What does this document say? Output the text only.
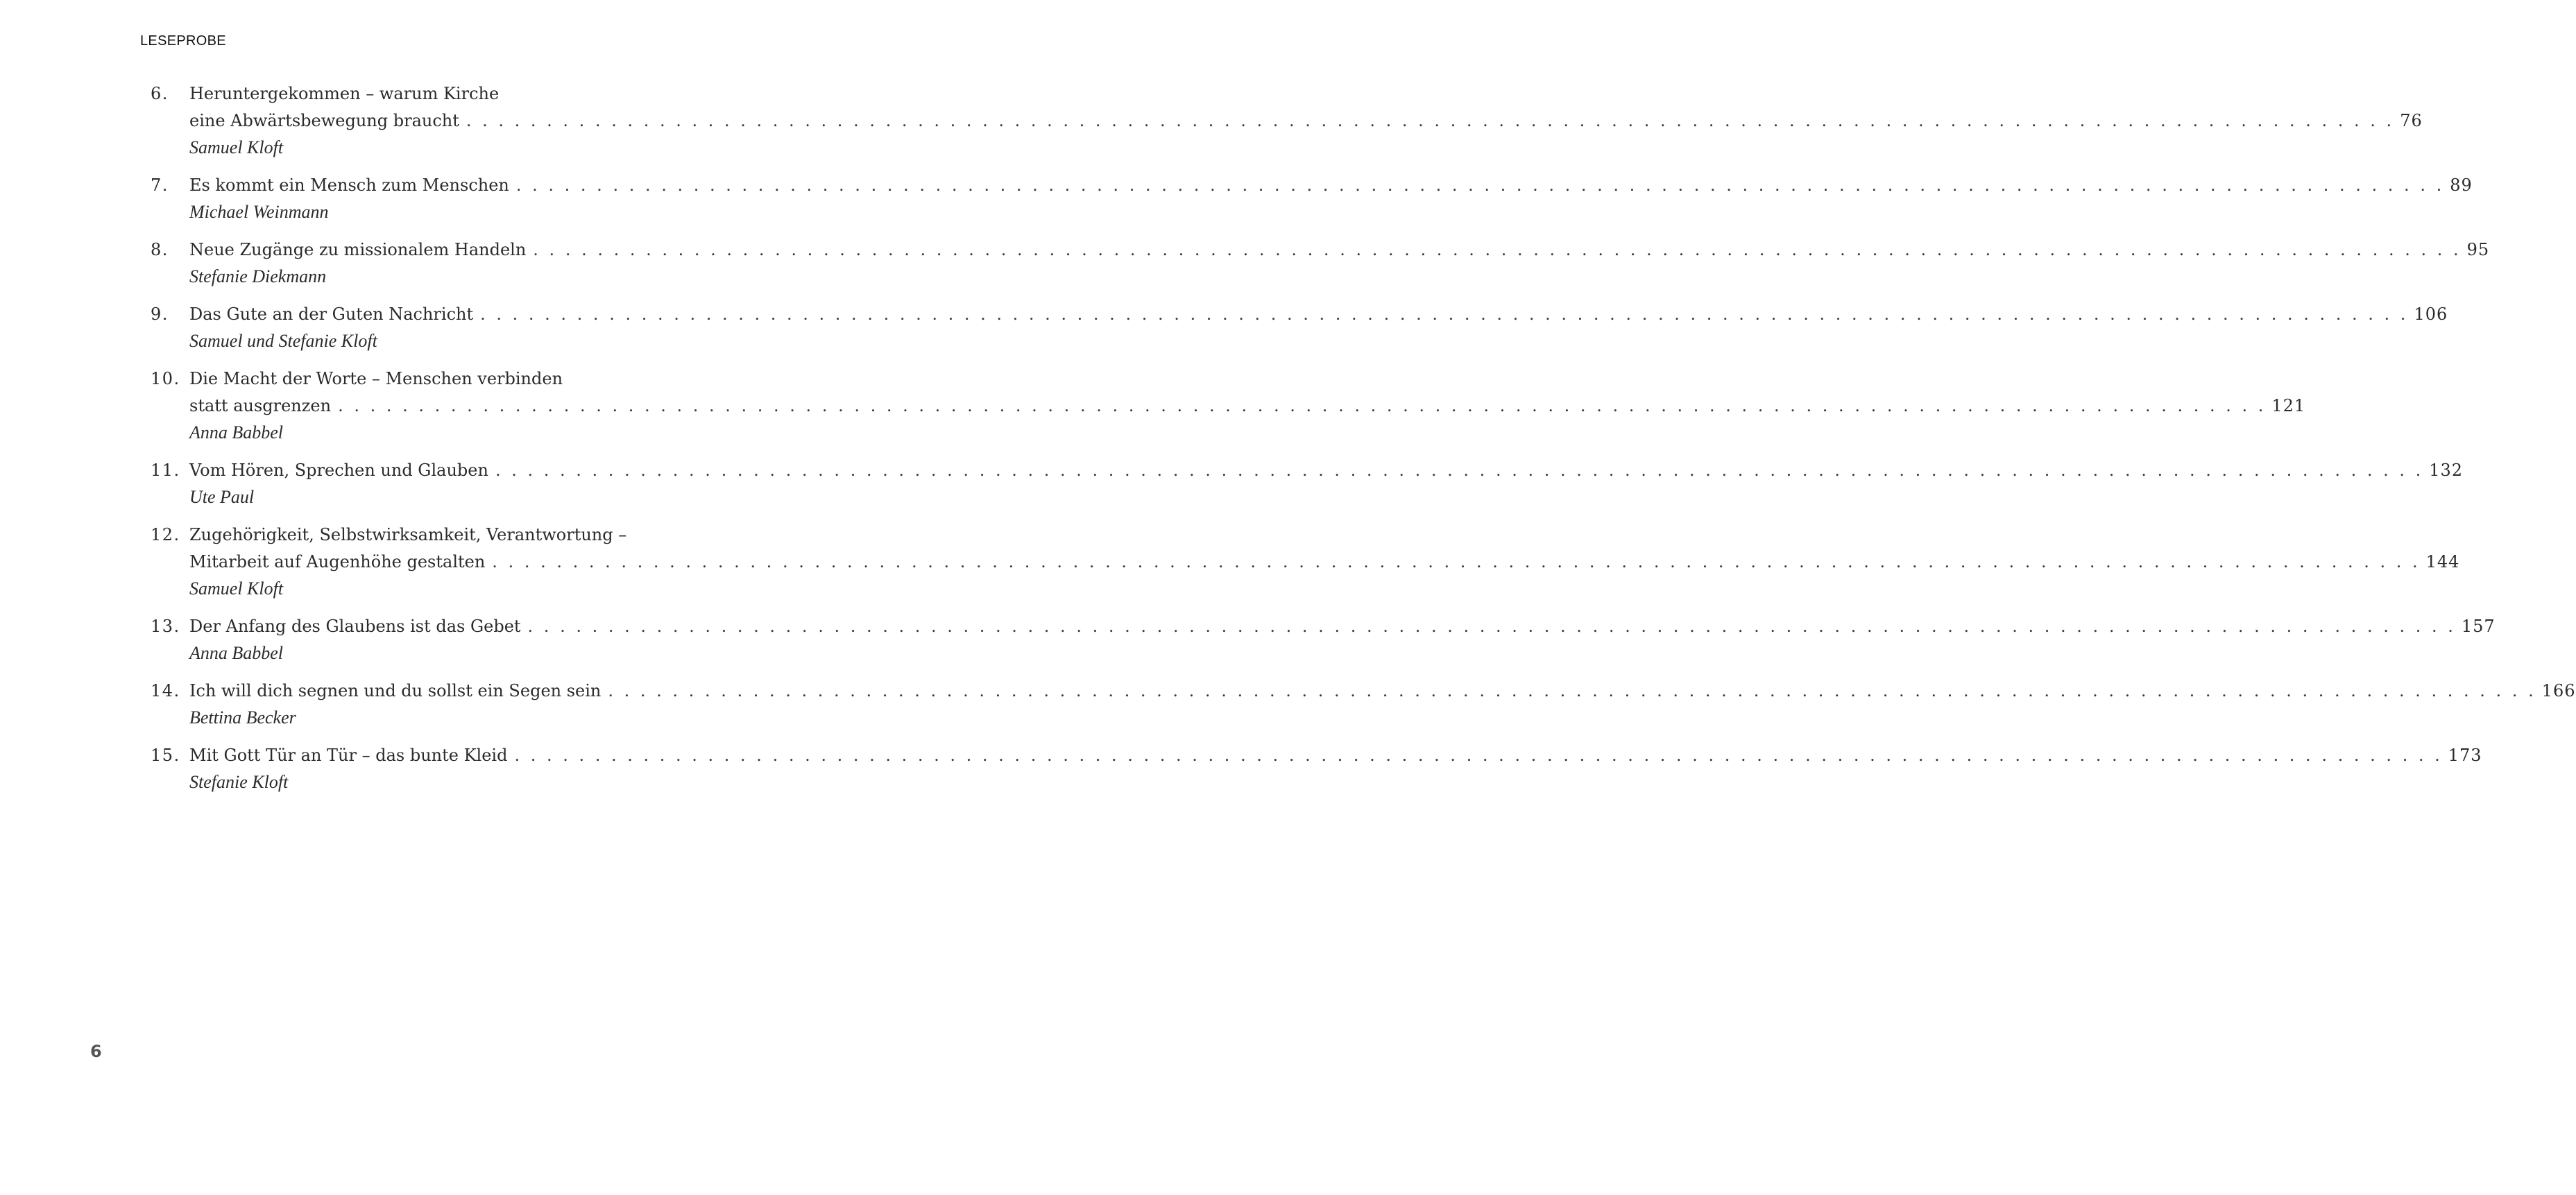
LESEPROBE
6.	Heruntergekommen – warum Kirche
eine Abwärtsbewegung braucht . . . . . . . . . . . . . . . . . . . . . . . . . . . . . . . . . . . . . . . . . . . . . . . . . . . . . . . . . . . . . . . . . . . . . . . . . . . . . . . . . . . . . . . . . . . . . . . . . . . . . . . . . . . . . . . . . . . . . . . . 76
Samuel Kloft
7.	Es kommt ein Mensch zum Menschen . . . . . . . . . . . . . . . . . . . . . . . . . . . . . . . . . . . . . . . . . . . . . . . . . . . . . . . . . . . . . . . . . . . . . . . . . . . . . . . . . . . . . . . . . . . . . . . . . . . . . . . . . . . . . . . . . . . . . . . . 89
Michael Weinmann
8.	Neue Zugänge zu missionalem Handeln . . . . . . . . . . . . . . . . . . . . . . . . . . . . . . . . . . . . . . . . . . . . . . . . . . . . . . . . . . . . . . . . . . . . . . . . . . . . . . . . . . . . . . . . . . . . . . . . . . . . . . . . . . . . . . . . . . . . . . . . 95
Stefanie Diekmann
9.	Das Gute an der Guten Nachricht . . . . . . . . . . . . . . . . . . . . . . . . . . . . . . . . . . . . . . . . . . . . . . . . . . . . . . . . . . . . . . . . . . . . . . . . . . . . . . . . . . . . . . . . . . . . . . . . . . . . . . . . . . . . . . . . . . . . . . . . 106
Samuel und Stefanie Kloft
10. Die Macht der Worte – Menschen verbinden
statt ausgrenzen . . . . . . . . . . . . . . . . . . . . . . . . . . . . . . . . . . . . . . . . . . . . . . . . . . . . . . . . . . . . . . . . . . . . . . . . . . . . . . . . . . . . . . . . . . . . . . . . . . . . . . . . . . . . . . . . . . . . . . . . 121
Anna Babbel
11. Vom Hören, Sprechen und Glauben . . . . . . . . . . . . . . . . . . . . . . . . . . . . . . . . . . . . . . . . . . . . . . . . . . . . . . . . . . . . . . . . . . . . . . . . . . . . . . . . . . . . . . . . . . . . . . . . . . . . . . . . . . . . . . . . . . . . . . . . 132
Ute Paul
12. Zugehörigkeit, Selbstwirksamkeit, Verantwortung –
Mitarbeit auf Augenhöhe gestalten . . . . . . . . . . . . . . . . . . . . . . . . . . . . . . . . . . . . . . . . . . . . . . . . . . . . . . . . . . . . . . . . . . . . . . . . . . . . . . . . . . . . . . . . . . . . . . . . . . . . . . . . . . . . . . . . . . . . . . . . 144
Samuel Kloft
13. Der Anfang des Glaubens ist das Gebet . . . . . . . . . . . . . . . . . . . . . . . . . . . . . . . . . . . . . . . . . . . . . . . . . . . . . . . . . . . . . . . . . . . . . . . . . . . . . . . . . . . . . . . . . . . . . . . . . . . . . . . . . . . . . . . . . . . . . . . . 157
Anna Babbel
14. Ich will dich segnen und du sollst ein Segen sein . . . . . . . . . . . . . . . . . . . . . . . . . . . . . . . . . . . . . . . . . . . . . . . . . . . . . . . . . . . . . . . . . . . . . . . . . . . . . . . . . . . . . . . . . . . . . . . . . . . . . . . . . . . . . . . . . . . . . . . . 166
Bettina Becker
15. Mit Gott Tür an Tür – das bunte Kleid . . . . . . . . . . . . . . . . . . . . . . . . . . . . . . . . . . . . . . . . . . . . . . . . . . . . . . . . . . . . . . . . . . . . . . . . . . . . . . . . . . . . . . . . . . . . . . . . . . . . . . . . . . . . . . . . . . . . . . . . 173
Stefanie Kloft
6
